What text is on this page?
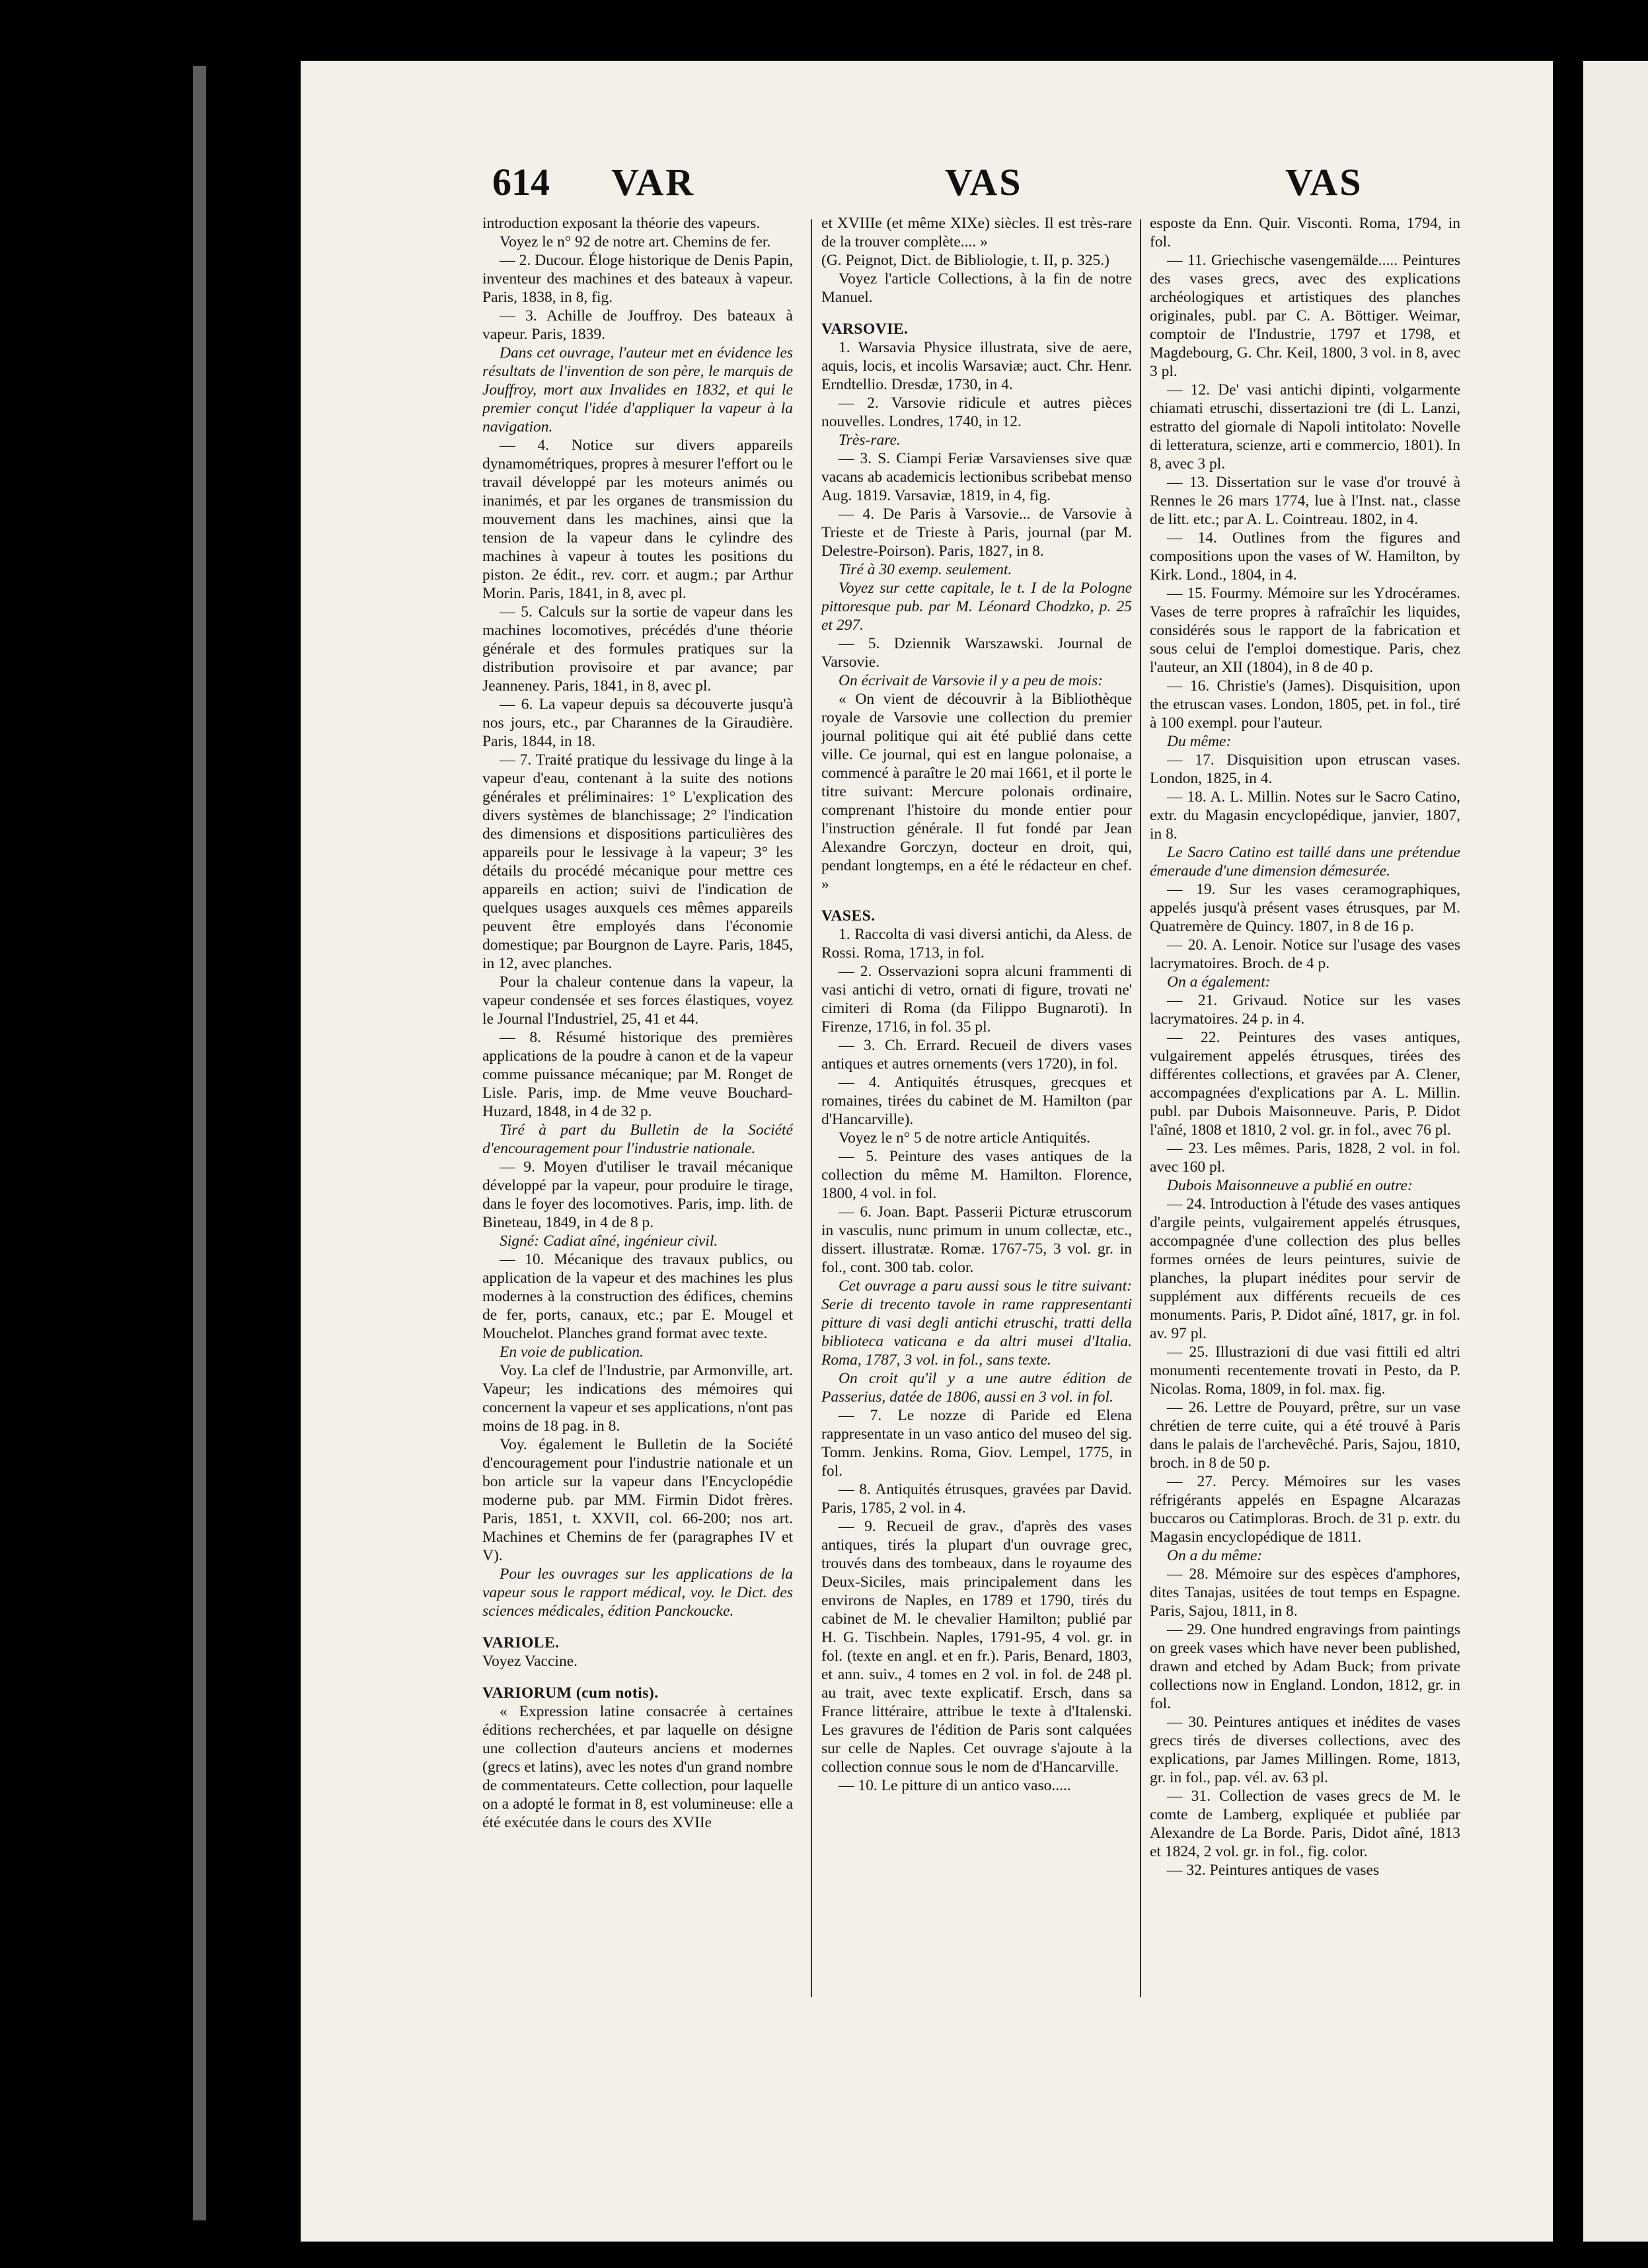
614 VAR	VAS	VAS

introduction exposant la théorie des vapeurs.

Voyez le n° 92 de notre art. Chemins de fer.

— 2. Ducour. Éloge historique de Denis Papin, inventeur des machines et des bateaux à vapeur. Paris, 1838, in 8, fig.

— 3. Achille de Jouffroy. Des bateaux à vapeur. Paris, 1839.

Dans cet ouvrage, l'auteur met en évidence les résultats de l'invention de son père, le marquis de Jouffroy, mort aux Invalides en 1832, et qui le premier conçut l'idée d'appliquer la vapeur à la navigation.

— 4. Notice sur divers appareils dynamométriques, propres à mesurer l'effort ou le travail développé par les moteurs animés ou inanimés, et par les organes de transmission du mouvement dans les machines, ainsi que la tension de la vapeur dans le cylindre des machines à vapeur à toutes les positions du piston. 2e édit., rev. corr. et augm.; par Arthur Morin. Paris, 1841, in 8, avec pl.

— 5. Calculs sur la sortie de vapeur dans les machines locomotives, précédés d'une théorie générale et des formules pratiques sur la distribution provisoire et par avance; par Jeanneney. Paris, 1841, in 8, avec pl.

— 6. La vapeur depuis sa découverte jusqu'à nos jours, etc., par Charannes de la Giraudière. Paris, 1844, in 18.

— 7. Traité pratique du lessivage du linge à la vapeur d'eau, contenant à la suite des notions générales et préliminaires: 1° L'explication des divers systèmes de blanchissage; 2° l'indication des dimensions et dispositions particulières des appareils pour le lessivage à la vapeur; 3° les détails du procédé mécanique pour mettre ces appareils en action; suivi de l'indication de quelques usages auxquels ces mêmes appareils peuvent être employés dans l'économie domestique; par Bourgnon de Layre. Paris, 1845, in 12, avec planches.

Pour la chaleur contenue dans la vapeur, la vapeur condensée et ses forces élastiques, voyez le Journal l'Industriel, 25, 41 et 44.

— 8. Résumé historique des premières applications de la poudre à canon et de la vapeur comme puissance mécanique; par M. Ronget de Lisle. Paris, imp. de Mme veuve Bouchard-Huzard, 1848, in 4 de 32 p.

Tiré à part du Bulletin de la Société d'encouragement pour l'industrie nationale.

— 9. Moyen d'utiliser le travail mécanique développé par la vapeur, pour produire le tirage, dans le foyer des locomotives. Paris, imp. lith. de Bineteau, 1849, in 4 de 8 p.

Signé: Cadiat aîné, ingénieur civil.

— 10. Mécanique des travaux publics, ou application de la vapeur et des machines les plus modernes à la construction des édifices, chemins de fer, ports, canaux, etc.; par E. Mougel et Mouchelot. Planches grand format avec texte.

En voie de publication.

Voy. La clef de l'Industrie, par Armonville, art. Vapeur; les indications des mémoires qui concernent la vapeur et ses applications, n'ont pas moins de 18 pag. in 8.

Voy. également le Bulletin de la Société d'encouragement pour l'industrie nationale et un bon article sur la vapeur dans l'Encyclopédie moderne pub. par MM. Firmin Didot frères. Paris, 1851, t. XXVII, col. 66-200; nos art. Machines et Chemins de fer (paragraphes IV et V).

Pour les ouvrages sur les applications de la vapeur sous le rapport médical, voy. le Dict. des sciences médicales, édition Panckoucke.

VARIOLE.

Voyez Vaccine.

VARIORUM (cum notis).

« Expression latine consacrée à certaines éditions recherchées, et par laquelle on désigne une collection d'auteurs anciens et modernes (grecs et latins), avec les notes d'un grand nombre de commentateurs. Cette collection, pour laquelle on a adopté le format in 8, est volumineuse: elle a été exécutée dans le cours des XVIIe

et XVIIIe (et même XIXe) siècles. Il est très-rare de la trouver complète.... »

(G. Peignot, Dict. de Bibliologie, t. II, p. 325.)

Voyez l'article Collections, à la fin de notre Manuel.

VARSOVIE.

1. Warsavia Physice illustrata, sive de aere, aquis, locis, et incolis Warsaviæ; auct. Chr. Henr. Erndtellio. Dresdæ, 1730, in 4.

— 2. Varsovie ridicule et autres pièces nouvelles. Londres, 1740, in 12.

Très-rare.

— 3. S. Ciampi Feriæ Varsavienses sive quæ vacans ab academicis lectionibus scribebat menso Aug. 1819. Varsaviæ, 1819, in 4, fig.

— 4. De Paris à Varsovie... de Varsovie à Trieste et de Trieste à Paris, journal (par M. Delestre-Poirson). Paris, 1827, in 8.

Tiré à 30 exemp. seulement.

Voyez sur cette capitale, le t. I de la Pologne pittoresque pub. par M. Léonard Chodzko, p. 25 et 297.

— 5. Dziennik Warszawski. Journal de Varsovie.

On écrivait de Varsovie il y a peu de mois:

« On vient de découvrir à la Bibliothèque royale de Varsovie une collection du premier journal politique qui ait été publié dans cette ville. Ce journal, qui est en langue polonaise, a commencé à paraître le 20 mai 1661, et il porte le titre suivant: Mercure polonais ordinaire, comprenant l'histoire du monde entier pour l'instruction générale. Il fut fondé par Jean Alexandre Gorczyn, docteur en droit, qui, pendant longtemps, en a été le rédacteur en chef. »

VASES.

1. Raccolta di vasi diversi antichi, da Aless. de Rossi. Roma, 1713, in fol.

— 2. Osservazioni sopra alcuni frammenti di vasi antichi di vetro, ornati di figure, trovati ne' cimiteri di Roma (da Filippo Bugnaroti). In Firenze, 1716, in fol. 35 pl.

— 3. Ch. Errard. Recueil de divers vases antiques et autres ornements (vers 1720), in fol.

— 4. Antiquités étrusques, grecques et romaines, tirées du cabinet de M. Hamilton (par d'Hancarville).

Voyez le n° 5 de notre article Antiquités.

— 5. Peinture des vases antiques de la collection du même M. Hamilton. Florence, 1800, 4 vol. in fol.

— 6. Joan. Bapt. Passerii Picturæ etruscorum in vasculis, nunc primum in unum collectæ, etc., dissert. illustratæ. Romæ. 1767-75, 3 vol. gr. in fol., cont. 300 tab. color.

Cet ouvrage a paru aussi sous le titre suivant: Serie di trecento tavole in rame rappresentanti pitture di vasi degli antichi etruschi, tratti della biblioteca vaticana e da altri musei d'Italia. Roma, 1787, 3 vol. in fol., sans texte.

On croit qu'il y a une autre édition de Passerius, datée de 1806, aussi en 3 vol. in fol.

— 7. Le nozze di Paride ed Elena rappresentate in un vaso antico del museo del sig. Tomm. Jenkins. Roma, Giov. Lempel, 1775, in fol.

— 8. Antiquités étrusques, gravées par David. Paris, 1785, 2 vol. in 4.

— 9. Recueil de grav., d'après des vases antiques, tirés la plupart d'un ouvrage grec, trouvés dans des tombeaux, dans le royaume des Deux-Siciles, mais principalement dans les environs de Naples, en 1789 et 1790, tirés du cabinet de M. le chevalier Hamilton; publié par H. G. Tischbein. Naples, 1791-95, 4 vol. gr. in fol. (texte en angl. et en fr.). Paris, Benard, 1803, et ann. suiv., 4 tomes en 2 vol. in fol. de 248 pl. au trait, avec texte explicatif. Ersch, dans sa France littéraire, attribue le texte à d'Italenski. Les gravures de l'édition de Paris sont calquées sur celle de Naples. Cet ouvrage s'ajoute à la collection connue sous le nom de d'Hancarville.

— 10. Le pitture di un antico vaso.....

esposte da Enn. Quir. Visconti. Roma, 1794, in fol.

— 11. Griechische vasengemälde..... Peintures des vases grecs, avec des explications archéologiques et artistiques des planches originales, publ. par C. A. Böttiger. Weimar, comptoir de l'Industrie, 1797 et 1798, et Magdebourg, G. Chr. Keil, 1800, 3 vol. in 8, avec 3 pl.

— 12. De' vasi antichi dipinti, volgarmente chiamati etruschi, dissertazioni tre (di L. Lanzi, estratto del giornale di Napoli intitolato: Novelle di letteratura, scienze, arti e commercio, 1801). In 8, avec 3 pl.

— 13. Dissertation sur le vase d'or trouvé à Rennes le 26 mars 1774, lue à l'Inst. nat., classe de litt. etc.; par A. L. Cointreau. 1802, in 4.

— 14. Outlines from the figures and compositions upon the vases of W. Hamilton, by Kirk. Lond., 1804, in 4.

— 15. Fourmy. Mémoire sur les Ydrocérames. Vases de terre propres à rafraîchir les liquides, considérés sous le rapport de la fabrication et sous celui de l'emploi domestique. Paris, chez l'auteur, an XII (1804), in 8 de 40 p.

— 16. Christie's (James). Disquisition, upon the etruscan vases. London, 1805, pet. in fol., tiré à 100 exempl. pour l'auteur.

Du même:

— 17. Disquisition upon etruscan vases. London, 1825, in 4.

— 18. A. L. Millin. Notes sur le Sacro Catino, extr. du Magasin encyclopédique, janvier, 1807, in 8.

Le Sacro Catino est taillé dans une prétendue émeraude d'une dimension démesurée.

— 19. Sur les vases ceramographiques, appelés jusqu'à présent vases étrusques, par M. Quatremère de Quincy. 1807, in 8 de 16 p.

— 20. A. Lenoir. Notice sur l'usage des vases lacrymatoires. Broch. de 4 p.

On a également:

— 21. Grivaud. Notice sur les vases lacrymatoires. 24 p. in 4.

— 22. Peintures des vases antiques, vulgairement appelés étrusques, tirées des différentes collections, et gravées par A. Clener, accompagnées d'explications par A. L. Millin. publ. par Dubois Maisonneuve. Paris, P. Didot l'aîné, 1808 et 1810, 2 vol. gr. in fol., avec 76 pl.

— 23. Les mêmes. Paris, 1828, 2 vol. in fol. avec 160 pl.

Dubois Maisonneuve a publié en outre:

— 24. Introduction à l'étude des vases antiques d'argile peints, vulgairement appelés étrusques, accompagnée d'une collection des plus belles formes ornées de leurs peintures, suivie de planches, la plupart inédites pour servir de supplément aux différents recueils de ces monuments. Paris, P. Didot aîné, 1817, gr. in fol. av. 97 pl.

— 25. Illustrazioni di due vasi fittili ed altri monumenti recentemente trovati in Pesto, da P. Nicolas. Roma, 1809, in fol. max. fig.

— 26. Lettre de Pouyard, prêtre, sur un vase chrétien de terre cuite, qui a été trouvé à Paris dans le palais de l'archevêché. Paris, Sajou, 1810, broch. in 8 de 50 p.

— 27. Percy. Mémoires sur les vases réfrigérants appelés en Espagne Alcarazas buccaros ou Catimploras. Broch. de 31 p. extr. du Magasin encyclopédique de 1811.

On a du même:

— 28. Mémoire sur des espèces d'amphores, dites Tanajas, usitées de tout temps en Espagne. Paris, Sajou, 1811, in 8.

— 29. One hundred engravings from paintings on greek vases which have never been published, drawn and etched by Adam Buck; from private collections now in England. London, 1812, gr. in fol.

— 30. Peintures antiques et inédites de vases grecs tirés de diverses collections, avec des explications, par James Millingen. Rome, 1813, gr. in fol., pap. vél. av. 63 pl.

— 31. Collection de vases grecs de M. le comte de Lamberg, expliquée et publiée par Alexandre de La Borde. Paris, Didot aîné, 1813 et 1824, 2 vol. gr. in fol., fig. color.

— 32. Peintures antiques de vases
